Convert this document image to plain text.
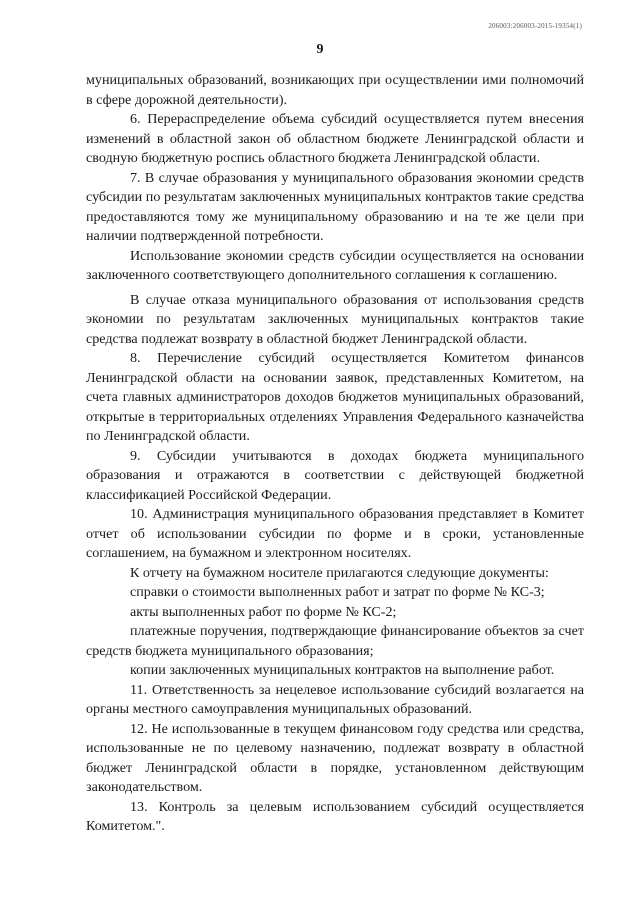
206003:206003-2015-19354(1)
9

муниципальных образований, возникающих при осуществлении ими полномочий в сфере дорожной деятельности).

6. Перераспределение объема субсидий осуществляется путем внесения изменений в областной закон об областном бюджете Ленинградской области и сводную бюджетную роспись областного бюджета Ленинградской области.

7. В случае образования у муниципального образования экономии средств субсидии по результатам заключенных муниципальных контрактов такие средства предоставляются тому же муниципальному образованию и на те же цели при наличии подтвержденной потребности.

Использование экономии средств субсидии осуществляется на основании заключенного соответствующего дополнительного соглашения к соглашению.

В случае отказа муниципального образования от использования средств экономии по результатам заключенных муниципальных контрактов такие средства подлежат возврату в областной бюджет Ленинградской области.

8. Перечисление субсидий осуществляется Комитетом финансов Ленинградской области на основании заявок, представленных Комитетом, на счета главных администраторов доходов бюджетов муниципальных образований, открытые в территориальных отделениях Управления Федерального казначейства по Ленинградской области.

9. Субсидии учитываются в доходах бюджета муниципального образования и отражаются в соответствии с действующей бюджетной классификацией Российской Федерации.

10. Администрация муниципального образования представляет в Комитет отчет об использовании субсидии по форме и в сроки, установленные соглашением, на бумажном и электронном носителях.

К отчету на бумажном носителе прилагаются следующие документы:

справки о стоимости выполненных работ и затрат по форме № КС-3;

акты выполненных работ по форме № КС-2;

платежные поручения, подтверждающие финансирование объектов за счет средств бюджета муниципального образования;

копии заключенных муниципальных контрактов на выполнение работ.

11. Ответственность за нецелевое использование субсидий возлагается на органы местного самоуправления муниципальных образований.

12. Не использованные в текущем финансовом году средства или средства, использованные не по целевому назначению, подлежат возврату в областной бюджет Ленинградской области в порядке, установленном действующим законодательством.

13. Контроль за целевым использованием субсидий осуществляется Комитетом.".
